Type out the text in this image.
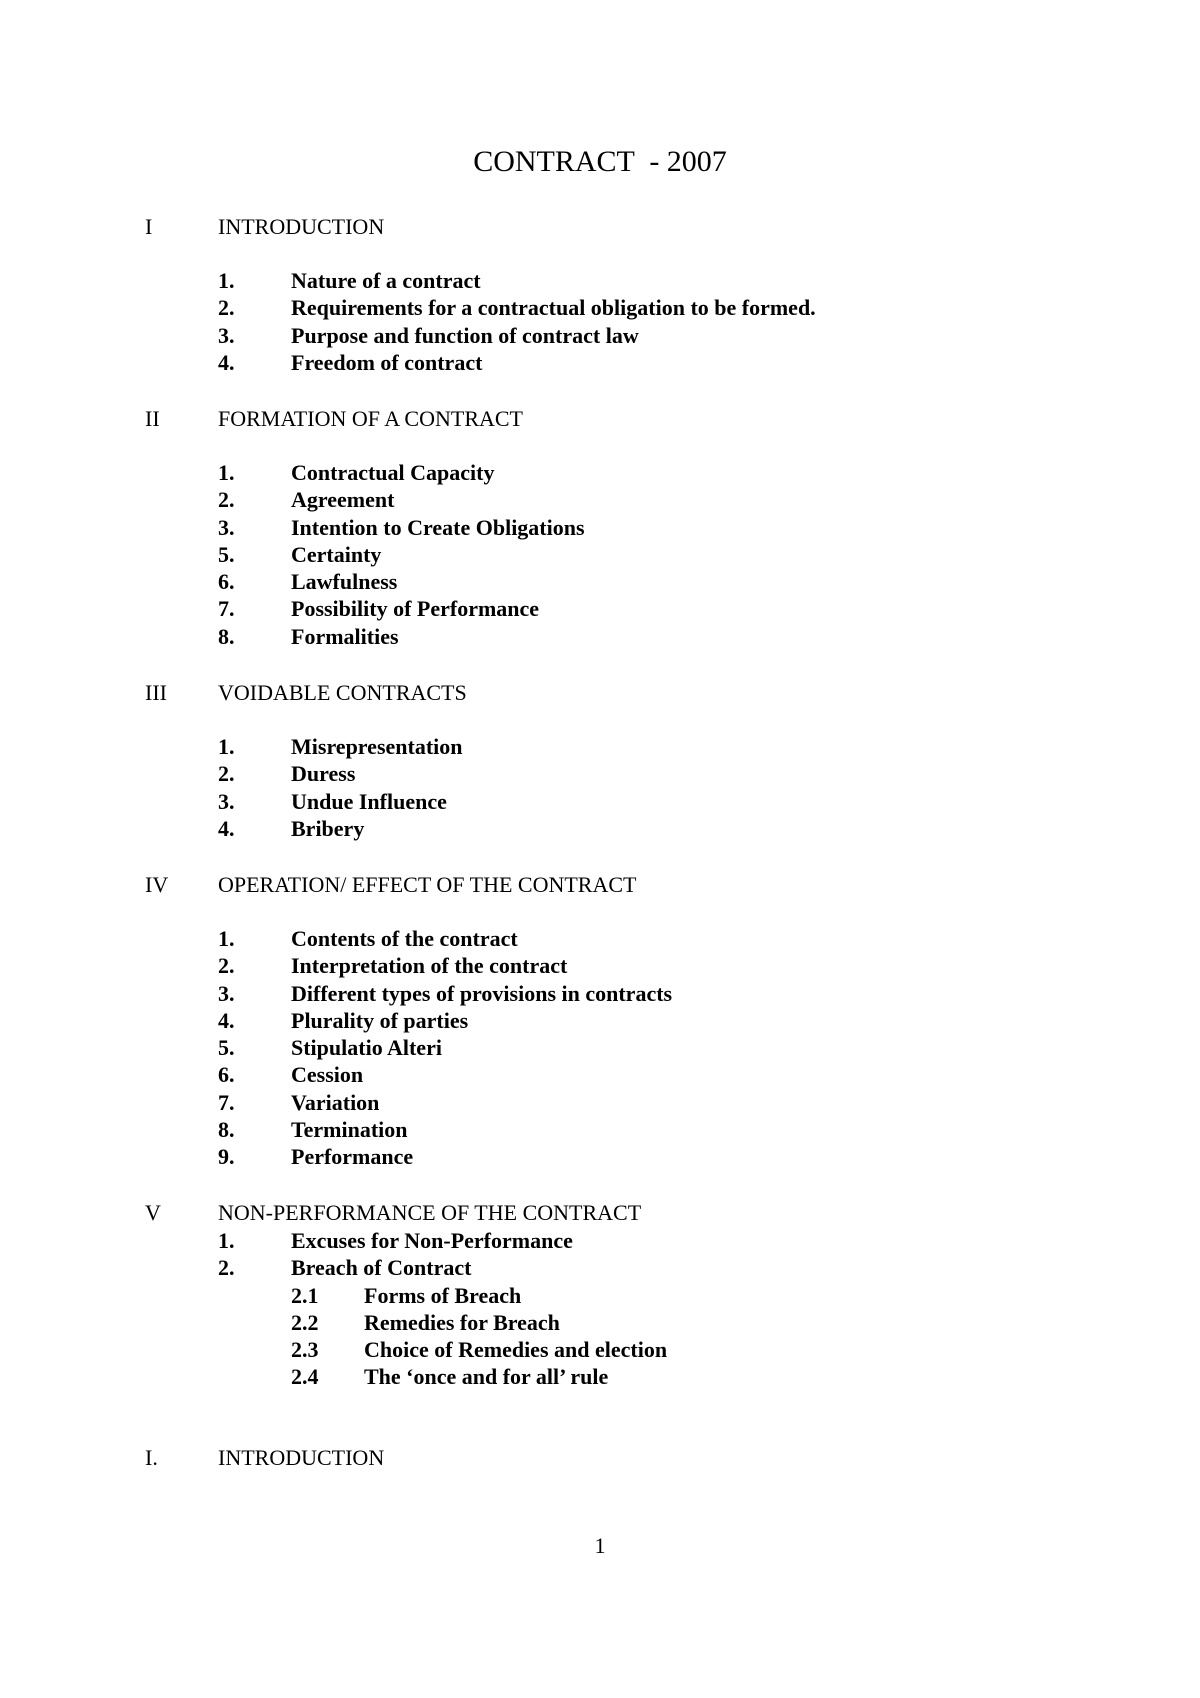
CONTRACT  - 2007
I	INTRODUCTION
1.	Nature of a contract
2.	Requirements for a contractual obligation to be formed.
3.	Purpose and function of contract law
4.	Freedom of contract
II	FORMATION OF A CONTRACT
1.	Contractual Capacity
2.	Agreement
3.	Intention to Create Obligations
5.	Certainty
6.	Lawfulness
7.	Possibility of Performance
8.	Formalities
III VOIDABLE CONTRACTS
1.	Misrepresentation
2.	Duress
3.	Undue Influence
4.	Bribery
IV OPERATION/ EFFECT OF THE CONTRACT
1.	Contents of the contract
2.	Interpretation of the contract
3.	Different types of provisions in contracts
4.	Plurality of parties
5.	Stipulatio Alteri
6.	Cession
7.	Variation
8.	Termination
9.	Performance
V	NON-PERFORMANCE OF THE CONTRACT
1.	Excuses for Non-Performance
2.	Breach of Contract
2.1 Forms of Breach
2.2 Remedies for Breach
2.3 Choice of Remedies and election
2.4 The ‘once and for all’ rule
I.	INTRODUCTION
1
